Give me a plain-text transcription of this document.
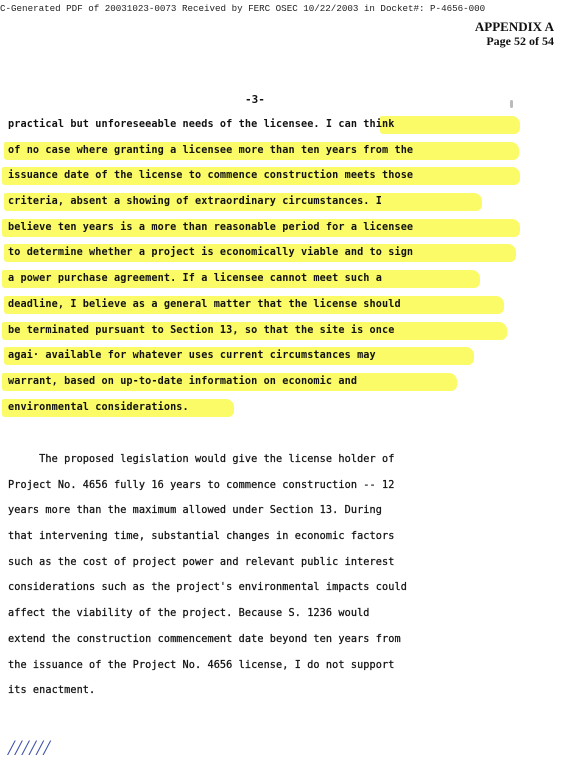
C-Generated PDF of 20031023-0073 Received by FERC OSEC 10/22/2003 in Docket#: P-4656-000
APPENDIX A
Page 52 of 54
-3-
practical but unforeseeable needs of the licensee. I can think
of no case where granting a licensee more than ten years from the
issuance date of the license to commence construction meets those
criteria, absent a showing of extraordinary circumstances. I
believe ten years is a more than reasonable period for a licensee
to determine whether a project is economically viable and to sign
a power purchase agreement. If a licensee cannot meet such a
deadline, I believe as a general matter that the license should
be terminated pursuant to Section 13, so that the site is once
agai· available for whatever uses current circumstances may
warrant, based on up-to-date information on economic and
environmental considerations.
The proposed legislation would give the license holder of
Project No. 4656 fully 16 years to commence construction -- 12
years more than the maximum allowed under Section 13. During
that intervening time, substantial changes in economic factors
such as the cost of project power and relevant public interest
considerations such as the project's environmental impacts could
affect the viability of the project. Because S. 1236 would
extend the construction commencement date beyond ten years from
the issuance of the Project No. 4656 license, I do not support
its enactment.
//////
